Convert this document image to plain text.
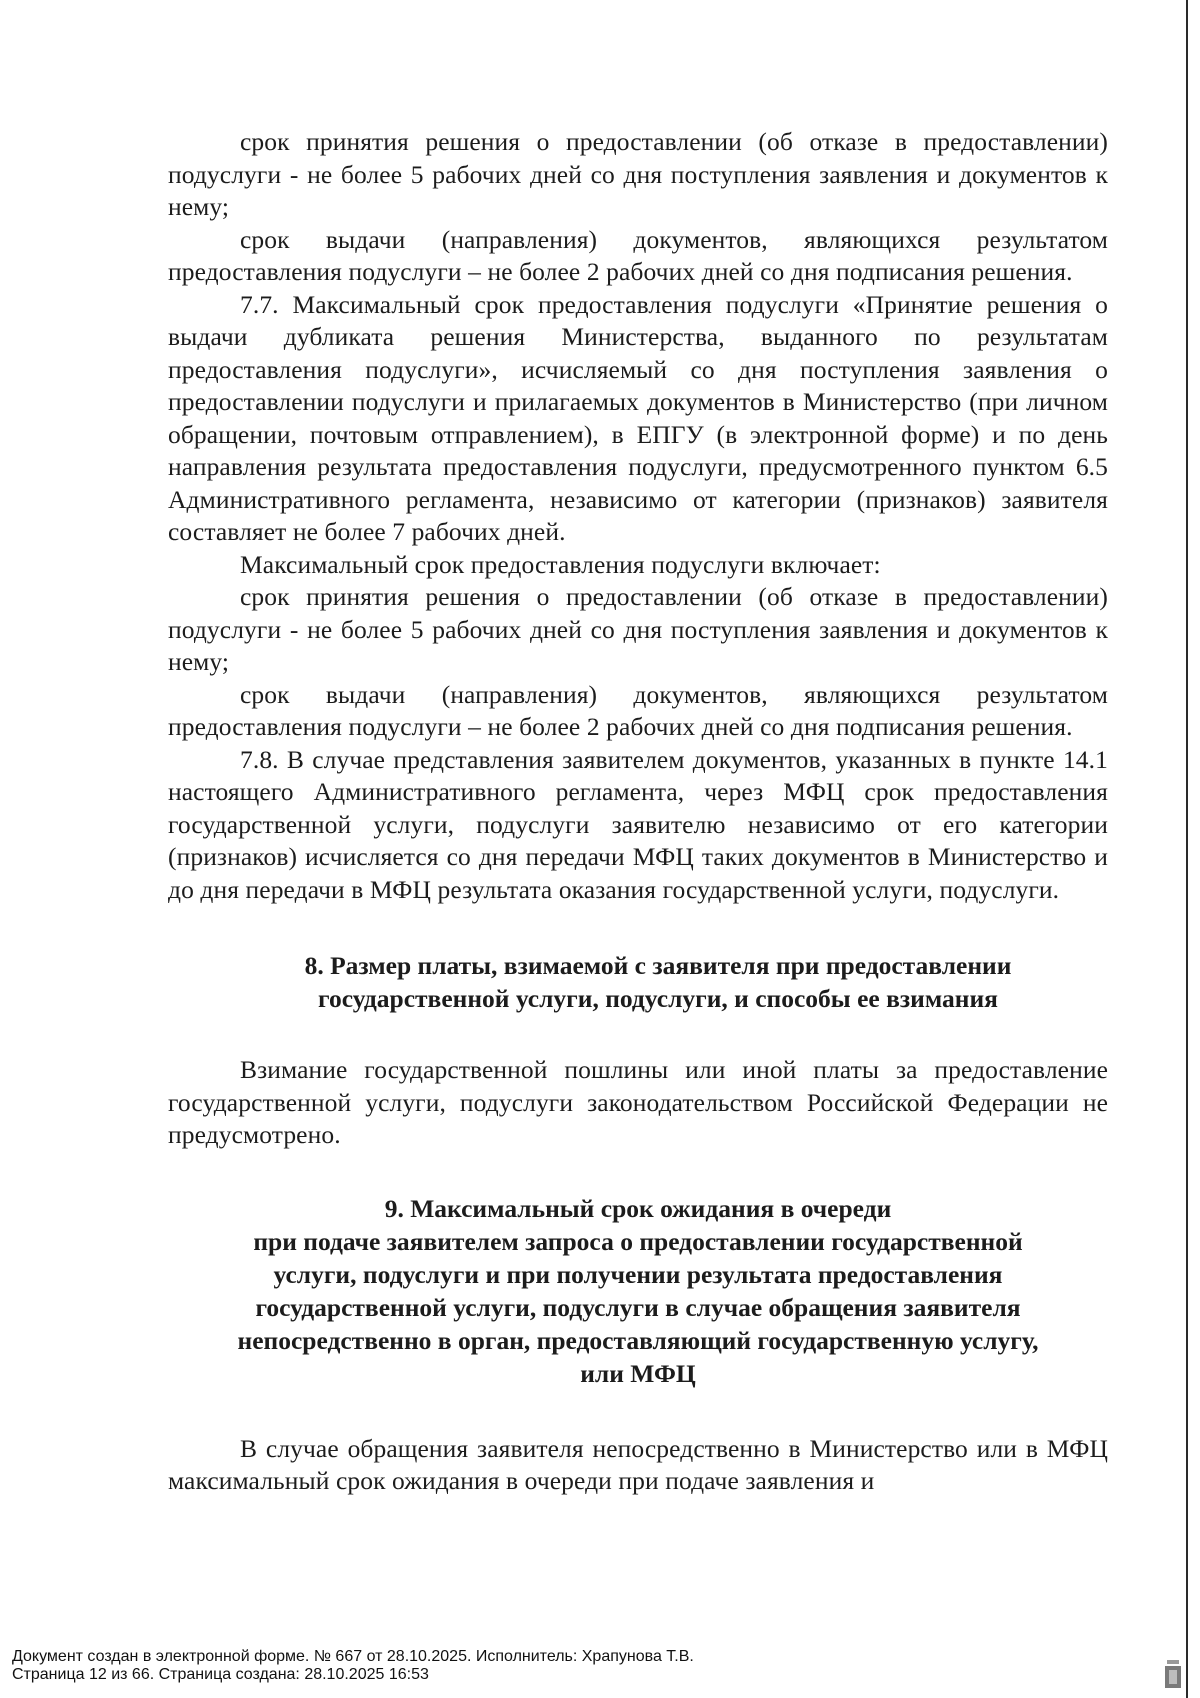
срок принятия решения о предоставлении (об отказе в предоставлении) подуслуги - не более 5 рабочих дней со дня поступления заявления и документов к нему;

срок выдачи (направления) документов, являющихся результатом предоставления подуслуги – не более 2 рабочих дней со дня подписания решения.

7.7. Максимальный срок предоставления подуслуги «Принятие решения о выдачи дубликата решения Министерства, выданного по результатам предоставления подуслуги», исчисляемый со дня поступления заявления о предоставлении подуслуги и прилагаемых документов в Министерство (при личном обращении, почтовым отправлением), в ЕПГУ (в электронной форме) и по день направления результата предоставления подуслуги, предусмотренного пунктом 6.5 Административного регламента, независимо от категории (признаков) заявителя составляет не более 7 рабочих дней.

Максимальный срок предоставления подуслуги включает:

срок принятия решения о предоставлении (об отказе в предоставлении) подуслуги - не более 5 рабочих дней со дня поступления заявления и документов к нему;

срок выдачи (направления) документов, являющихся результатом предоставления подуслуги – не более 2 рабочих дней со дня подписания решения.

7.8. В случае представления заявителем документов, указанных в пункте 14.1 настоящего Административного регламента, через МФЦ срок предоставления государственной услуги, подуслуги заявителю независимо от его категории (признаков) исчисляется со дня передачи МФЦ таких документов в Министерство и до дня передачи в МФЦ результата оказания государственной услуги, подуслуги.

8. Размер платы, взимаемой с заявителя при предоставлении
государственной услуги, подуслуги, и способы ее взимания

Взимание государственной пошлины или иной платы за предоставление государственной услуги, подуслуги законодательством Российской Федерации не предусмотрено.

9. Максимальный срок ожидания в очереди
при подаче заявителем запроса о предоставлении государственной
услуги, подуслуги и при получении результата предоставления
государственной услуги, подуслуги в случае обращения заявителя
непосредственно в орган, предоставляющий государственную услугу,
или МФЦ

В случае обращения заявителя непосредственно в Министерство или в МФЦ максимальный срок ожидания в очереди при подаче заявления и

Документ создан в электронной форме. № 667 от 28.10.2025. Исполнитель: Храпунова Т.В.
Страница 12 из 66. Страница создана: 28.10.2025 16:53
